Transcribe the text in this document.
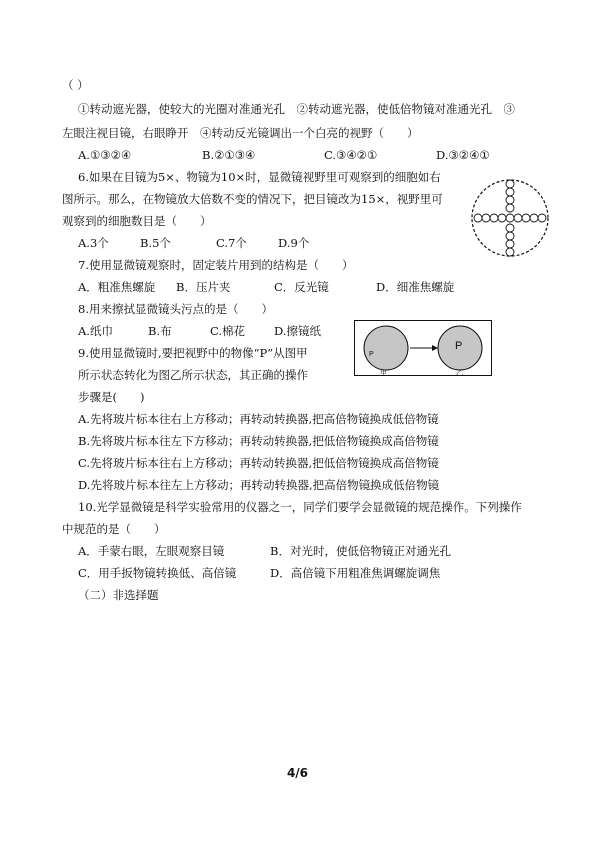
（ ）
①转动遮光器，使较大的光圈对准通光孔　②转动遮光器，使低倍物镜对准通光孔　③
左眼注视目镜，右眼睁开　④转动反光镜调出一个白亮的视野（　　）
A.①③②④	B.②①③④	C.③④②①	D.③②④①
6.如果在目镜为5×、物镜为10×时，显微镜视野里可观察到的细胞如右
图所示。那么，在物镜放大倍数不变的情况下，把目镜改为15×，视野里可
观察到的细胞数目是（　　）
A.3个	B.5个	C.7个	D.9个
7.使用显微镜观察时，固定装片用到的结构是（　　）
A．粗准焦螺旋 B．压片夹	C．反光镜	D．细准焦螺旋
8.用来擦拭显微镜头污点的是（　　）
A.纸巾	B.布	C.棉花	D.擦镜纸
P
P
甲	乙
9.使用显微镜时,要把视野中的物像“P”从图甲
所示状态转化为图乙所示状态，其正确的操作
步骤是(　　)
A.先将玻片标本往右上方移动；再转动转换器,把高倍物镜换成低倍物镜
B.先将玻片标本往左下方移动；再转动转换器,把低倍物镜换成高倍物镜
C.先将玻片标本往右上方移动；再转动转换器,把低倍物镜换成高倍物镜
D.先将玻片标本往左上方移动；再转动转换器,把高倍物镜换成低倍物镜
10.光学显微镜是科学实验常用的仪器之一，同学们要学会显微镜的规范操作。下列操作
中规范的是（　　）
A．手蒙右眼，左眼观察目镜	B．对光时，使低倍物镜正对通光孔
C．用手扳物镜转换低、高倍镜	D．高倍镜下用粗准焦调螺旋调焦
（二）非选择题
4/6
